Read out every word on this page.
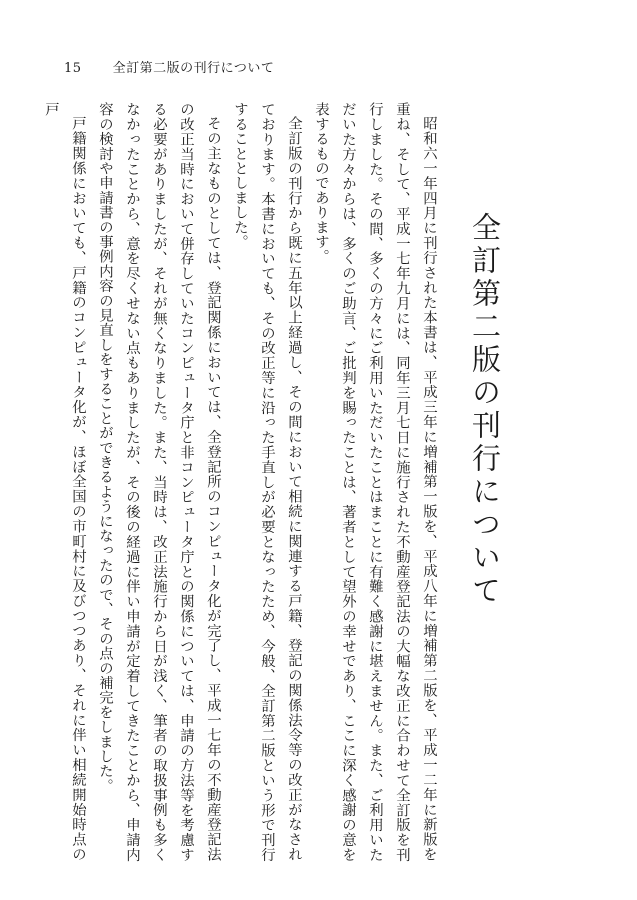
15 全訂第二版の刊行について
全訂第二版の刊行について

昭和六一年四月に刊行された本書は、平成三年に増補第一版を、平成八年に増補第二版を、平成一二年に新版を重ね、そして、平成一七年九月には、同年三月七日に施行された不動産登記法の大幅な改正に合わせて全訂版を刊行しました。その間、多くの方々にご利用いただいたことはまことに有難く感謝に堪えません。また、ご利用いただいた方々からは、多くのご助言、ご批判を賜ったことは、著者として望外の幸せであり、ここに深く感謝の意を表するものであります。

全訂版の刊行から既に五年以上経過し、その間において相続に関連する戸籍、登記の関係法令等の改正がなされております。本書においても、その改正等に沿った手直しが必要となったため、今般、全訂第二版という形で刊行することとしました。

その主なものとしては、登記関係においては、全登記所のコンピュータ化が完了し、平成一七年の不動産登記法の改正当時において併存していたコンピュータ庁と非コンピュータ庁との関係については、申請の方法等を考慮する必要がありましたが、それが無くなりました。また、当時は、改正法施行から日が浅く、筆者の取扱事例も多くなかったことから、意を尽くせない点もありましたが、その後の経過に伴い申請が定着してきたことから、申請内容の検討や申請書の事例内容の見直しをすることができるようになったので、その点の補完をしました。

戸籍関係においても、戸籍のコンピュータ化が、ほぼ全国の市町村に及びつつあり、それに伴い相続開始時点の戸
